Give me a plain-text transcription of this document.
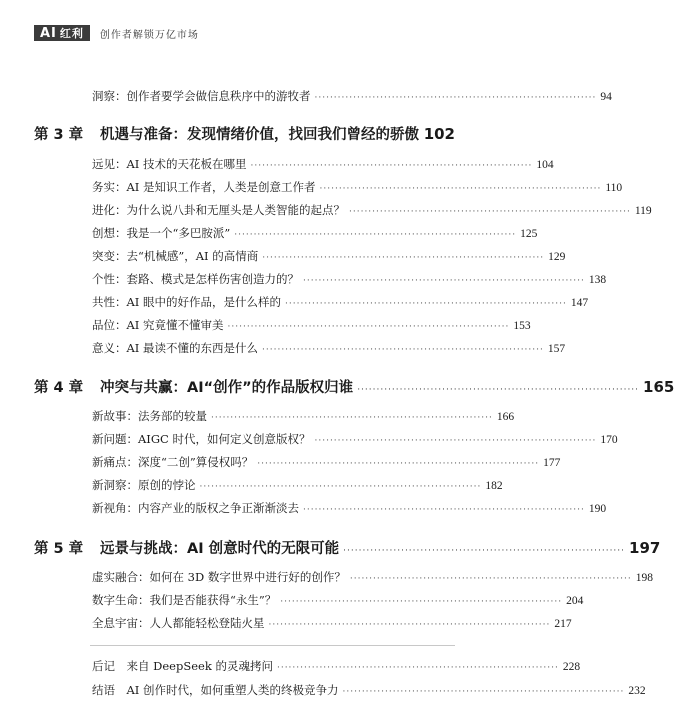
AI 红利 创作者解锁万亿市场
洞察：创作者要学会做信息秩序中的游牧者 ········································································· 94
第 3 章	机遇与准备：发现情绪价值，找回我们曾经的骄傲 102
远见：AI 技术的天花板在哪里 ········································································· 104
务实：AI 是知识工作者，人类是创意工作者 ········································································· 110
进化：为什么说八卦和无厘头是人类智能的起点？ ········································································· 119
创想：我是一个“多巴胺派” ········································································· 125
突变：去“机械感”，AI 的高情商 ········································································· 129
个性：套路、模式是怎样伤害创造力的？ ········································································· 138
共性：AI 眼中的好作品，是什么样的 ········································································· 147
品位：AI 究竟懂不懂审美 ········································································· 153
意义：AI 最读不懂的东西是什么 ········································································· 157
第 4 章	冲突与共赢：AI“创作”的作品版权归谁 ········································································· 165
新故事：法务部的较量 ········································································· 166
新问题：AIGC 时代，如何定义创意版权？ ········································································· 170
新痛点：深度“二创”算侵权吗？ ········································································· 177
新洞察：原创的悖论 ········································································· 182
新视角：内容产业的版权之争正渐渐淡去 ········································································· 190
第 5 章	远景与挑战：AI 创意时代的无限可能 ········································································· 197
虚实融合：如何在 3D 数字世界中进行好的创作？ ········································································· 198
数字生命：我们是否能获得“永生”？ ········································································· 204
全息宇宙：人人都能轻松登陆火星 ········································································· 217
后记　来自 DeepSeek 的灵魂拷问 ········································································· 228
结语　AI 创作时代，如何重塑人类的终极竞争力 ········································································· 232
